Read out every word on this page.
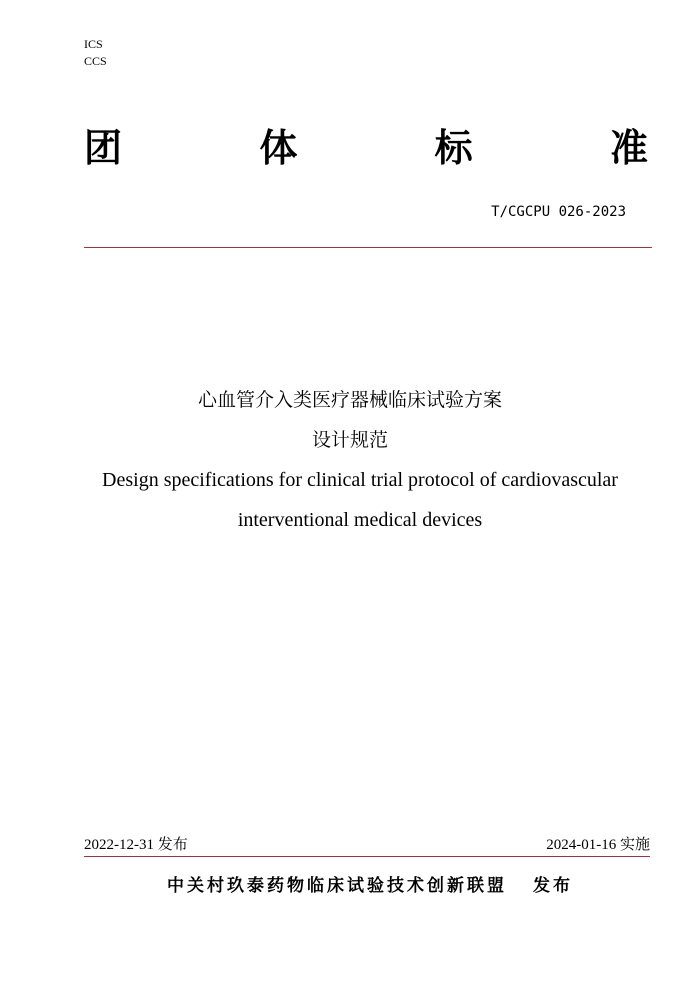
ICS
CCS
团	体	标	准
T/CGCPU 026-2023
心血管介入类医疗器械临床试验方案
设计规范
Design specifications for clinical trial protocol of cardiovascular
interventional medical devices
2022-12-31 发布	2024-01-16 实施
中关村玖泰药物临床试验技术创新联盟 发布
